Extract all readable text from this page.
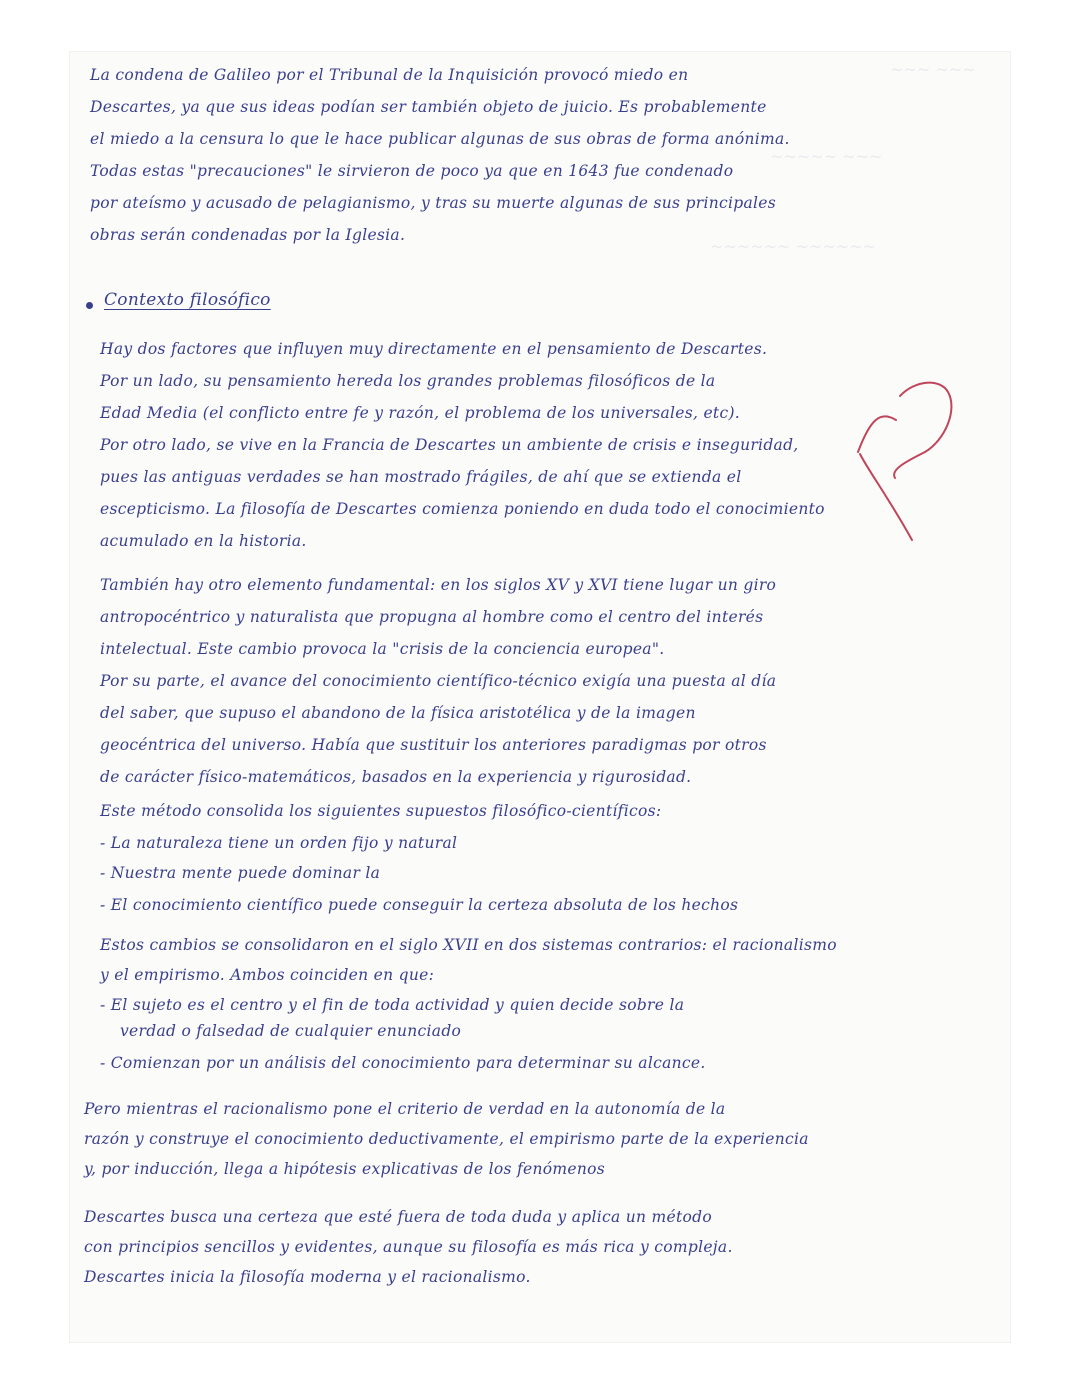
~~~ ~~~
~~~~~ ~~~
~~~~~~ ~~~~~~
La condena de Galileo por el Tribunal de la Inquisición provocó miedo en
Descartes, ya que sus ideas podían ser también objeto de juicio. Es probablemente
el miedo a la censura lo que le hace publicar algunas de sus obras de forma anónima.
Todas estas "precauciones" le sirvieron de poco ya que en 1643 fue condenado
por ateísmo y acusado de pelagianismo, y tras su muerte algunas de sus principales
obras serán condenadas por la Iglesia.
Contexto filosófico
Hay dos factores que influyen muy directamente en el pensamiento de Descartes.
Por un lado, su pensamiento hereda los grandes problemas filosóficos de la
Edad Media (el conflicto entre fe y razón, el problema de los universales, etc).
Por otro lado, se vive en la Francia de Descartes un ambiente de crisis e inseguridad,
pues las antiguas verdades se han mostrado frágiles, de ahí que se extienda el
escepticismo. La filosofía de Descartes comienza poniendo en duda todo el conocimiento
acumulado en la historia.
También hay otro elemento fundamental: en los siglos XV y XVI tiene lugar un giro
antropocéntrico y naturalista que propugna al hombre como el centro del interés
intelectual. Este cambio provoca la "crisis de la conciencia europea".
Por su parte, el avance del conocimiento científico-técnico exigía una puesta al día
del saber, que supuso el abandono de la física aristotélica y de la imagen
geocéntrica del universo. Había que sustituir los anteriores paradigmas por otros
de carácter físico-matemáticos, basados en la experiencia y rigurosidad.
Este método consolida los siguientes supuestos filosófico-científicos:
- La naturaleza tiene un orden fijo y natural
- Nuestra mente puede dominar la
- El conocimiento científico puede conseguir la certeza absoluta de los hechos
Estos cambios se consolidaron en el siglo XVII en dos sistemas contrarios: el racionalismo
y el empirismo. Ambos coinciden en que:
- El sujeto es el centro y el fin de toda actividad y quien decide sobre la
verdad o falsedad de cualquier enunciado
- Comienzan por un análisis del conocimiento para determinar su alcance.
Pero mientras el racionalismo pone el criterio de verdad en la autonomía de la
razón y construye el conocimiento deductivamente, el empirismo parte de la experiencia
y, por inducción, llega a hipótesis explicativas de los fenómenos
Descartes busca una certeza que esté fuera de toda duda y aplica un método
con principios sencillos y evidentes, aunque su filosofía es más rica y compleja.
Descartes inicia la filosofía moderna y el racionalismo.
